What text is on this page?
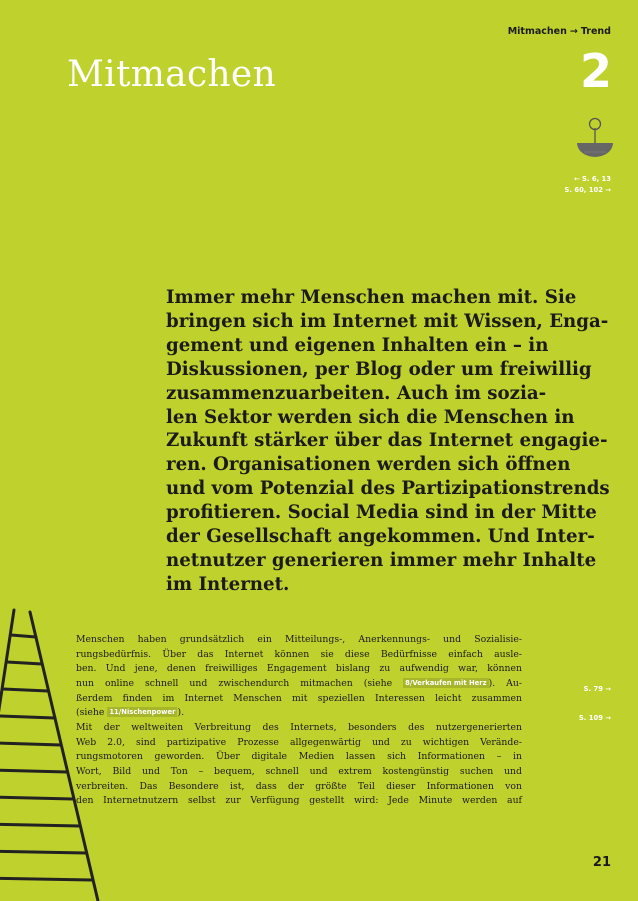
Mitmachen → Trend
Mitmachen	2
← S. 6, 13
S. 60, 102 →
Immer mehr Menschen machen mit. Sie
bringen sich im Internet mit Wissen, Enga-
gement und eigenen Inhalten ein – in
Diskussionen, per Blog oder um freiwillig
zusammenzuarbeiten. Auch im sozia-
len Sektor werden sich die Menschen in
Zukunft stärker über das Internet engagie-
ren. Organisationen werden sich öffnen
und vom Potenzial des Partizipationstrends
profitieren. Social Media sind in der Mitte
der Gesellschaft angekommen. Und Inter-
netnutzer generieren immer mehr Inhalte
im Internet.
Menschen haben grundsätzlich ein Mitteilungs-, Anerkennungs- und Sozialisie-
rungsbedürfnis. Über das Internet können sie diese Bedürfnisse einfach ausle-
ben. Und jene, denen freiwilliges Engagement bislang zu aufwendig war, können
nun online schnell und zwischendurch mitmachen (siehe 8/Verkaufen mit Herz ). Au-
ßerdem finden im Internet Menschen mit speziellen Interessen leicht zusammen
(siehe 11/Nischenpower ).
Mit der weltweiten Verbreitung des Internets, besonders des nutzergenerierten
Web 2.0, sind partizipative Prozesse allgegenwärtig und zu wichtigen Verände-
rungsmotoren geworden. Über digitale Medien lassen sich Informationen – in
Wort, Bild und Ton – bequem, schnell und extrem kostengünstig suchen und
verbreiten. Das Besondere ist, dass der größte Teil dieser Informationen von
den Internetnutzern selbst zur Verfügung gestellt wird: Jede Minute werden auf
S. 79 →
S. 109 →
21
